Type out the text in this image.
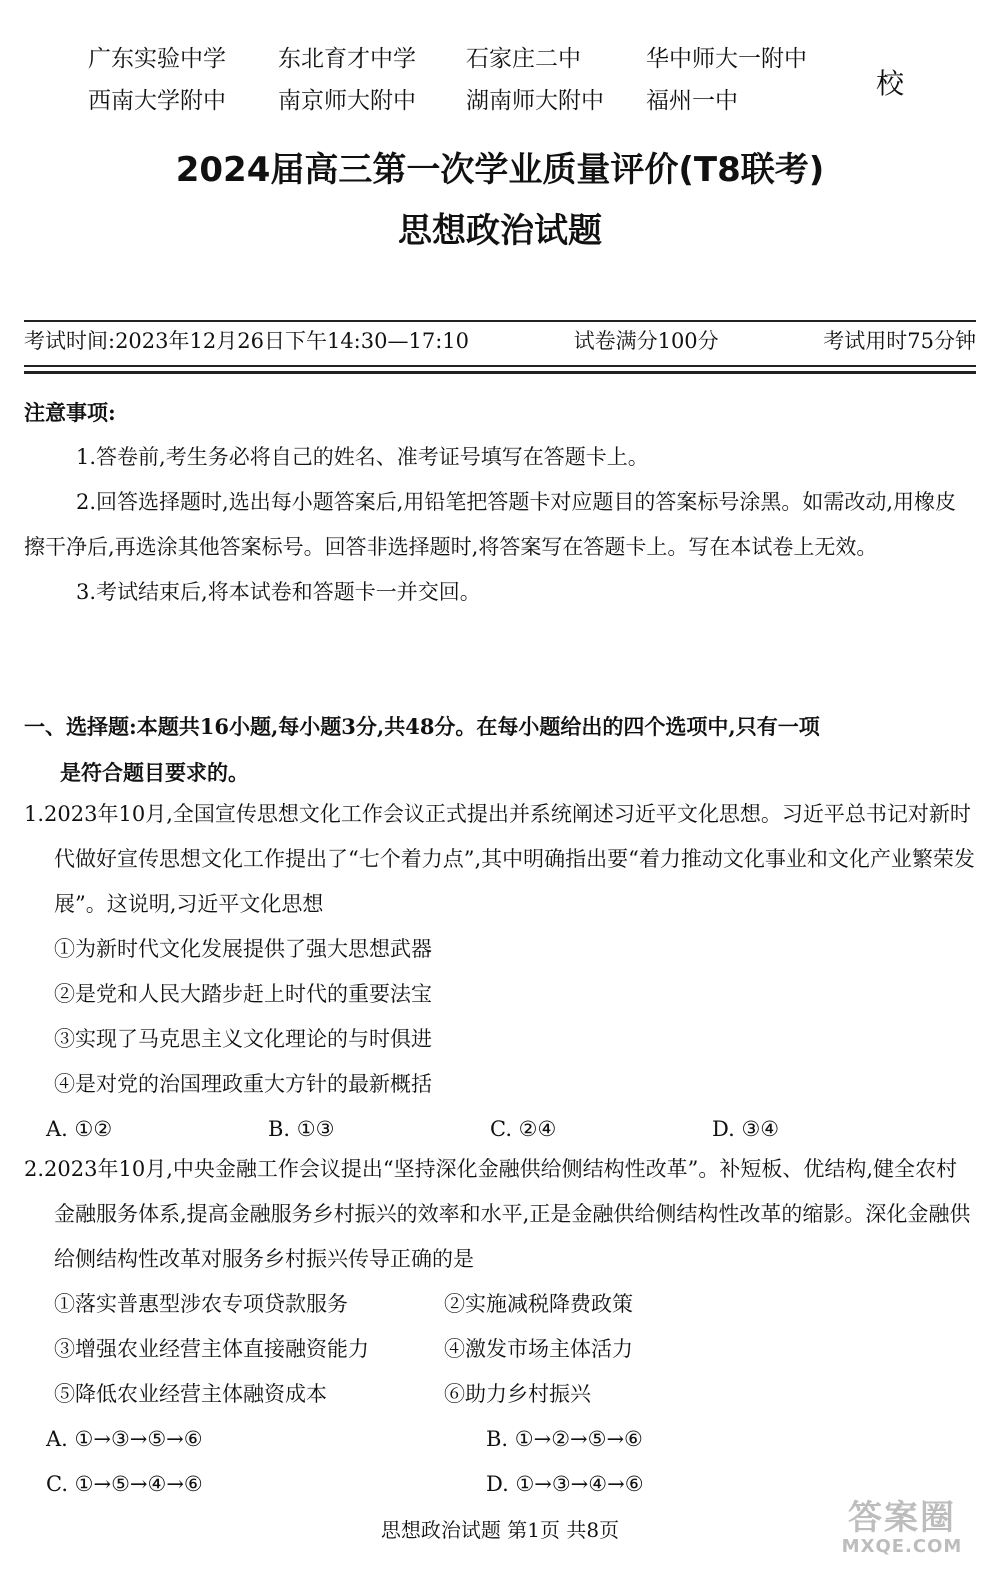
广东实验中学	东北育才中学	石家庄二中	华中师大一附中
西南大学附中	南京师大附中	湖南师大附中	福州一中
校
2024届高三第一次学业质量评价(T8联考)
思想政治试题
考试时间:2023年12月26日下午14:30—17:10	试卷满分100分	考试用时75分钟
注意事项:
1.答卷前,考生务必将自己的姓名、准考证号填写在答题卡上。
2.回答选择题时,选出每小题答案后,用铅笔把答题卡对应题目的答案标号涂黑。如需改动,用橡皮擦干净后,再选涂其他答案标号。回答非选择题时,将答案写在答题卡上。写在本试卷上无效。
3.考试结束后,将本试卷和答题卡一并交回。
一、选择题:本题共16小题,每小题3分,共48分。在每小题给出的四个选项中,只有一项
是符合题目要求的。
1.2023年10月,全国宣传思想文化工作会议正式提出并系统阐述习近平文化思想。习近平总书记对新时代做好宣传思想文化工作提出了“七个着力点”,其中明确指出要“着力推动文化事业和文化产业繁荣发展”。这说明,习近平文化思想
①为新时代文化发展提供了强大思想武器
②是党和人民大踏步赶上时代的重要法宝
③实现了马克思主义文化理论的与时俱进
④是对党的治国理政重大方针的最新概括
A. ①②	B. ①③	C. ②④	D. ③④
2.2023年10月,中央金融工作会议提出“坚持深化金融供给侧结构性改革”。补短板、优结构,健全农村金融服务体系,提高金融服务乡村振兴的效率和水平,正是金融供给侧结构性改革的缩影。深化金融供给侧结构性改革对服务乡村振兴传导正确的是
①落实普惠型涉农专项贷款服务	②实施减税降费政策
③增强农业经营主体直接融资能力	④激发市场主体活力
⑤降低农业经营主体融资成本	⑥助力乡村振兴
A. ①→③→⑤→⑥	B. ①→②→⑤→⑥
C. ①→⑤→④→⑥	D. ①→③→④→⑥
思想政治试题 第1页 共8页	答案圈
MXQE.COM
